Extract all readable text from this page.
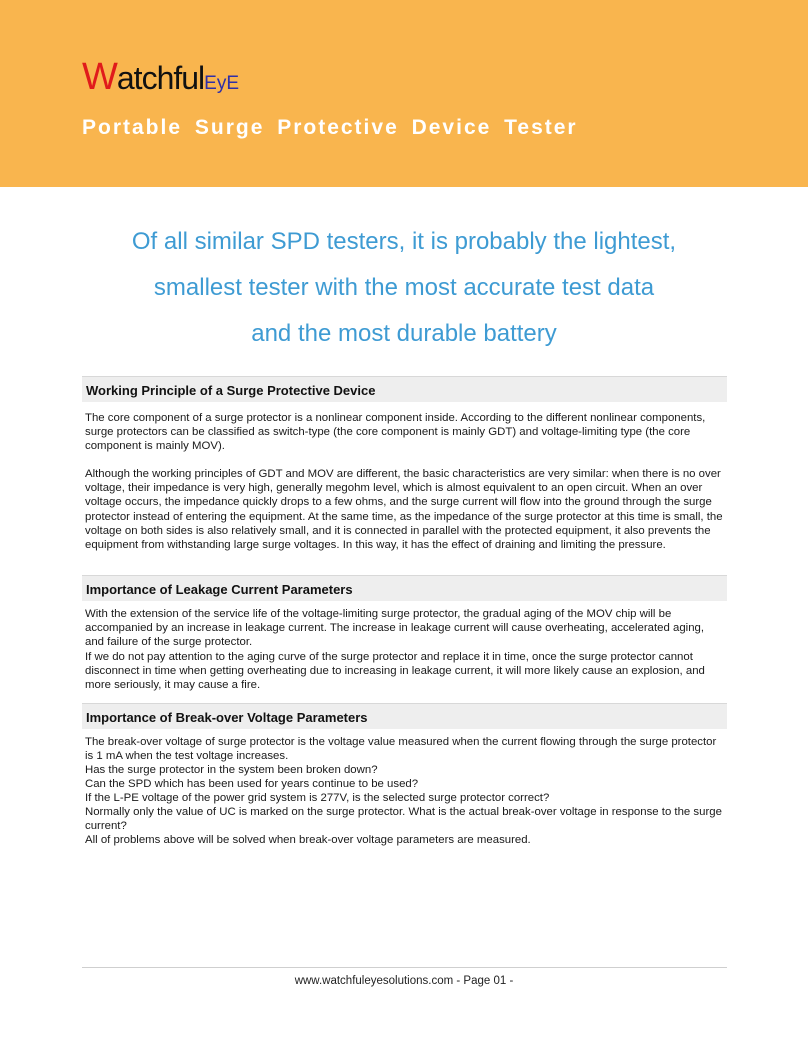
WatchfulEyE
Portable Surge Protective Device Tester
Of all similar SPD testers, it is probably the lightest,
smallest tester with the most accurate test data
and the most durable battery
Working Principle of a Surge Protective Device
The core component of a surge protector is a nonlinear component inside. According to the different nonlinear components, surge protectors can be classified as switch-type (the core component is mainly GDT) and voltage-limiting type (the core component is mainly MOV).
Although the working principles of GDT and MOV are different, the basic characteristics are very similar: when there is no over voltage, their impedance is very high, generally megohm level, which is almost equivalent to an open circuit. When an over voltage occurs, the impedance quickly drops to a few ohms, and the surge current will flow into the ground through the surge protector instead of entering the equipment. At the same time, as the impedance of the surge protector at this time is small, the voltage on both sides is also relatively small, and it is connected in parallel with the protected equipment, it also prevents the equipment from withstanding large surge voltages. In this way, it has the effect of draining and limiting the pressure.
Importance of Leakage Current Parameters
With the extension of the service life of the voltage-limiting surge protector, the gradual aging of the MOV chip will be accompanied by an increase in leakage current. The increase in leakage current will cause overheating, accelerated aging, and failure of the surge protector.
If we do not pay attention to the aging curve of the surge protector and replace it in time, once the surge protector cannot disconnect in time when getting overheating due to increasing in leakage current, it will more likely cause an explosion, and more seriously, it may cause a fire.
Importance of Break-over Voltage Parameters
The break-over voltage of surge protector is the voltage value measured when the current flowing through the surge protector is 1 mA when the test voltage increases.
Has the surge protector in the system been broken down?
Can the SPD which has been used for years continue to be used?
If the L-PE voltage of the power grid system is 277V, is the selected surge protector correct?
Normally only the value of UC is marked on the surge protector. What is the actual break-over voltage in response to the surge current?
All of problems above will be solved when break-over voltage parameters are measured.
www.watchfuleyesolutions.com - Page 01 -
